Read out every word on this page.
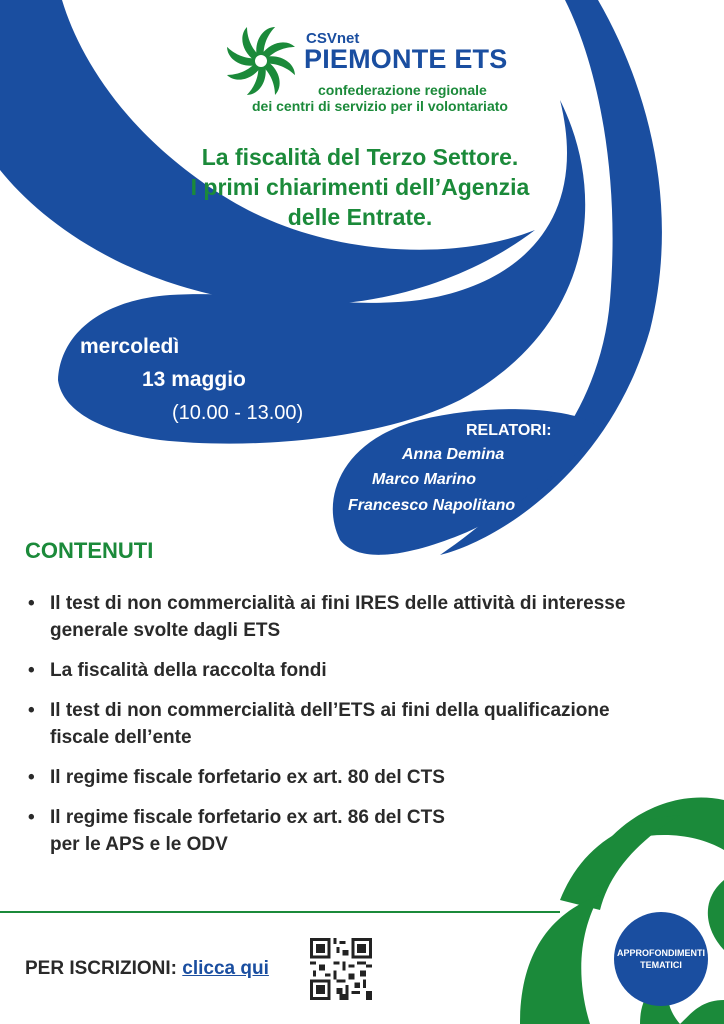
CSVnet
PIEMONTE ETS
confederazione regionale
dei centri di servizio per il volontariato
La fiscalità del Terzo Settore.
I primi chiarimenti dell’Agenzia
delle Entrate.
mercoledì
13 maggio
(10.00 - 13.00)
RELATORI:
Anna Demina
Marco Marino
Francesco Napolitano
CONTENUTI
• Il test di non commercialità ai fini IRES delle attività di interesse
generale svolte dagli ETS
• La fiscalità della raccolta fondi
• Il test di non commercialità dell’ETS ai fini della qualificazione
fiscale dell’ente
• Il regime fiscale forfetario ex art. 80 del CTS
• Il regime fiscale forfetario ex art. 86 del CTS
per le APS e le ODV
PER ISCRIZIONI: clicca qui
APPROFONDIMENTI
TEMATICI
